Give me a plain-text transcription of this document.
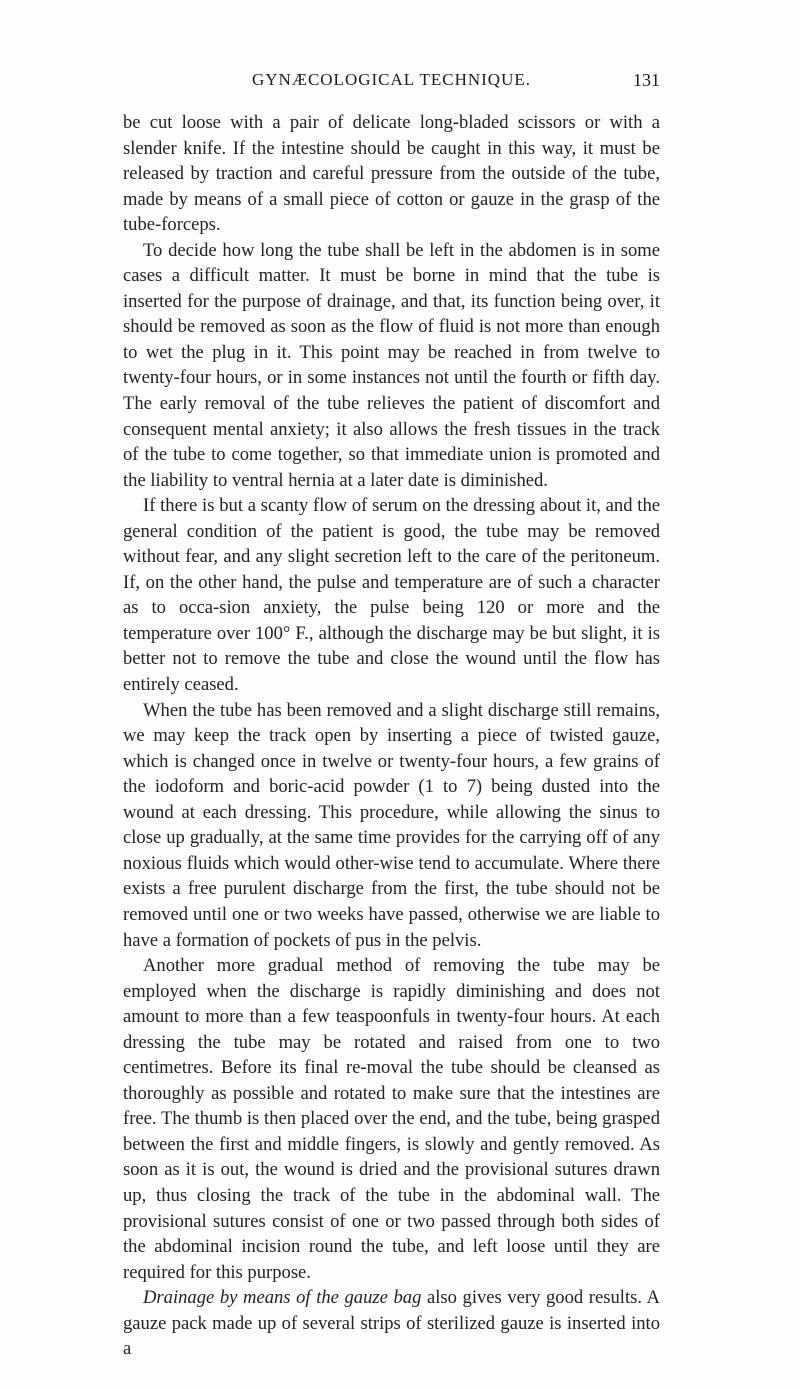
GYNÆCOLOGICAL TECHNIQUE.	131

be cut loose with a pair of delicate long-bladed scissors or with a slender knife. If the intestine should be caught in this way, it must be released by traction and careful pressure from the outside of the tube, made by means of a small piece of cotton or gauze in the grasp of the tube-forceps.

To decide how long the tube shall be left in the abdomen is in some cases a difficult matter. It must be borne in mind that the tube is inserted for the purpose of drainage, and that, its function being over, it should be removed as soon as the flow of fluid is not more than enough to wet the plug in it. This point may be reached in from twelve to twenty-four hours, or in some instances not until the fourth or fifth day. The early removal of the tube relieves the patient of discomfort and consequent mental anxiety; it also allows the fresh tissues in the track of the tube to come together, so that immediate union is promoted and the liability to ventral hernia at a later date is diminished.

If there is but a scanty flow of serum on the dressing about it, and the general condition of the patient is good, the tube may be removed without fear, and any slight secretion left to the care of the peritoneum. If, on the other hand, the pulse and temperature are of such a character as to occa-sion anxiety, the pulse being 120 or more and the temperature over 100° F., although the discharge may be but slight, it is better not to remove the tube and close the wound until the flow has entirely ceased.

When the tube has been removed and a slight discharge still remains, we may keep the track open by inserting a piece of twisted gauze, which is changed once in twelve or twenty-four hours, a few grains of the iodoform and boric-acid powder (1 to 7) being dusted into the wound at each dressing. This procedure, while allowing the sinus to close up gradually, at the same time provides for the carrying off of any noxious fluids which would other-wise tend to accumulate. Where there exists a free purulent discharge from the first, the tube should not be removed until one or two weeks have passed, otherwise we are liable to have a formation of pockets of pus in the pelvis.

Another more gradual method of removing the tube may be employed when the discharge is rapidly diminishing and does not amount to more than a few teaspoonfuls in twenty-four hours. At each dressing the tube may be rotated and raised from one to two centimetres. Before its final re-moval the tube should be cleansed as thoroughly as possible and rotated to make sure that the intestines are free. The thumb is then placed over the end, and the tube, being grasped between the first and middle fingers, is slowly and gently removed. As soon as it is out, the wound is dried and the provisional sutures drawn up, thus closing the track of the tube in the abdominal wall. The provisional sutures consist of one or two passed through both sides of the abdominal incision round the tube, and left loose until they are required for this purpose.

Drainage by means of the gauze bag also gives very good results. A gauze pack made up of several strips of sterilized gauze is inserted into a
